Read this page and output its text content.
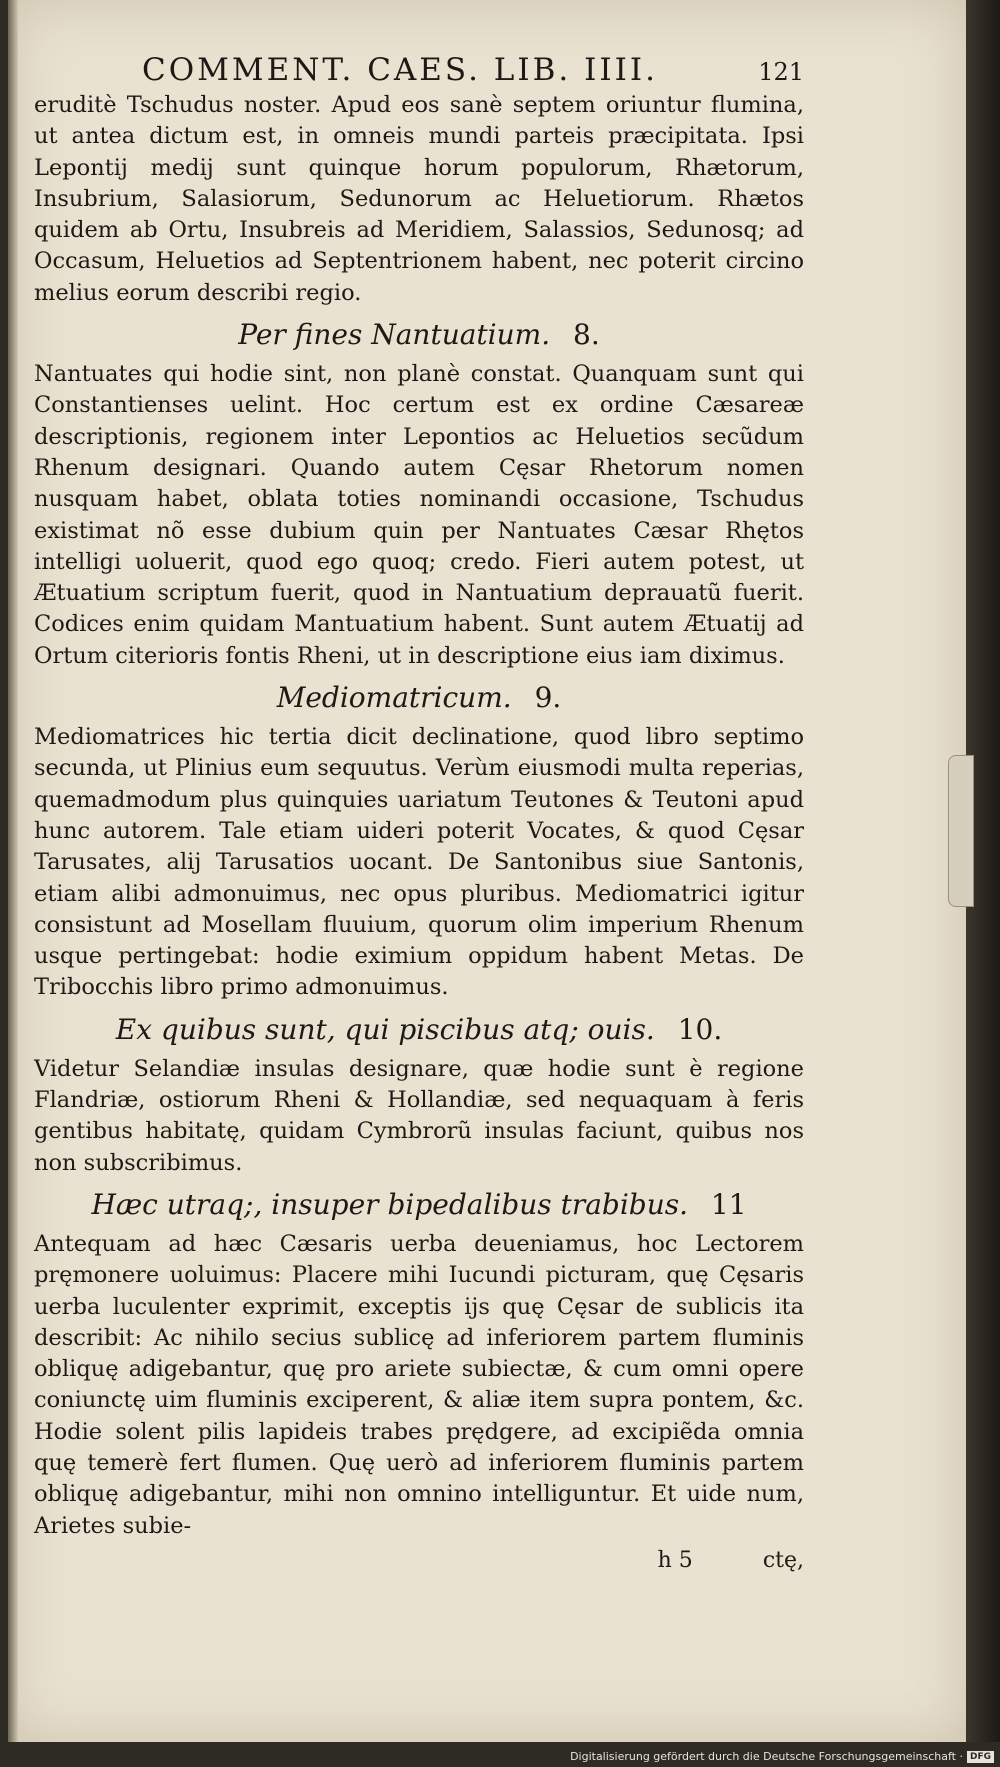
COMMENT. CAES. LIB. IIII.	121

eruditè Tschudus noster. Apud eos sanè septem oriuntur flumina, ut antea dictum est, in omneis mundi parteis præcipitata. Ipsi Lepontij medij sunt quinque horum populorum, Rhætorum, Insubrium, Salasiorum, Sedunorum ac Heluetiorum. Rhætos quidem ab Ortu, Insubreis ad Meridiem, Salassios, Sedunosq; ad Occasum, Heluetios ad Septentrionem habent, nec poterit circino melius eorum describi regio.

Per fines Nantuatium. 8.

Nantuates qui hodie sint, non planè constat. Quanquam sunt qui Constantienses uelint. Hoc certum est ex ordine Cæsareæ descriptionis, regionem inter Lepontios ac Heluetios secũdum Rhenum designari. Quando autem Cęsar Rhetorum nomen nusquam habet, oblata toties nominandi occasione, Tschudus existimat nõ esse dubium quin per Nantuates Cæsar Rhętos intelligi uoluerit, quod ego quoq; credo. Fieri autem potest, ut Ætuatium scriptum fuerit, quod in Nantuatium deprauatũ fuerit. Codices enim quidam Mantuatium habent. Sunt autem Ætuatij ad Ortum citerioris fontis Rheni, ut in descriptione eius iam diximus.

Mediomatricum. 9.

Mediomatrices hic tertia dicit declinatione, quod libro septimo secunda, ut Plinius eum sequutus. Verùm eiusmodi multa reperias, quemadmodum plus quinquies uariatum Teutones & Teutoni apud hunc autorem. Tale etiam uideri poterit Vocates, & quod Cęsar Tarusates, alij Tarusatios uocant. De Santonibus siue Santonis, etiam alibi admonuimus, nec opus pluribus. Mediomatrici igitur consistunt ad Mosellam fluuium, quorum olim imperium Rhenum usque pertingebat: hodie eximium oppidum habent Metas. De Tribocchis libro primo admonuimus.

Ex quibus sunt, qui piscibus atq; ouis. 10.

Videtur Selandiæ insulas designare, quæ hodie sunt è regione Flandriæ, ostiorum Rheni & Hollandiæ, sed nequaquam à feris gentibus habitatę, quidam Cymbrorũ insulas faciunt, quibus nos non subscribimus.

Hæc utraq;, insuper bipedalibus trabibus. 11

Antequam ad hæc Cæsaris uerba deueniamus, hoc Lectorem pręmonere uoluimus: Placere mihi Iucundi picturam, quę Cęsaris uerba luculenter exprimit, exceptis ijs quę Cęsar de sublicis ita describit: Ac nihilo secius sublicę ad inferiorem partem fluminis obliquę adigebantur, quę pro ariete subiectæ, & cum omni opere coniunctę uim fluminis exciperent, & aliæ item supra pontem, &c. Hodie solent pilis lapideis trabes prędgere, ad excipiẽda omnia quę temerè fert flumen. Quę uerò ad inferiorem fluminis partem obliquę adigebantur, mihi non omnino intelliguntur. Et uide num, Arietes subie-

h 5	ctę,
Digitalisierung gefördert durch die Deutsche Forschungsgemeinschaft · DFG
